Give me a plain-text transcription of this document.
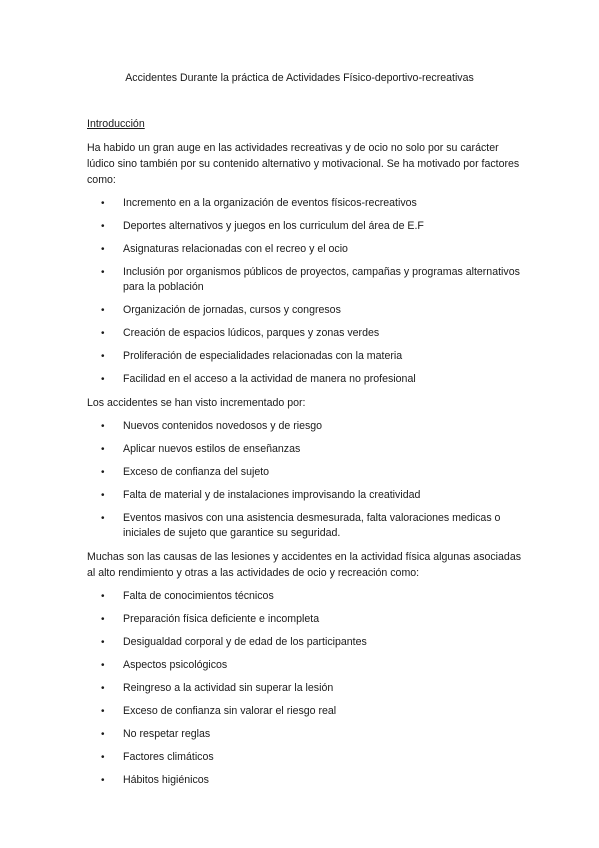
Accidentes Durante la práctica de Actividades Físico-deportivo-recreativas
Introducción
Ha habido un gran auge en las actividades recreativas y de ocio no solo por su carácter lúdico sino también por su contenido alternativo y motivacional. Se ha motivado por factores como:
• Incremento en a la organización de eventos físicos-recreativos
• Deportes alternativos y juegos en los curriculum del área de E.F
• Asignaturas relacionadas con el recreo y el ocio
• Inclusión por organismos públicos de proyectos, campañas y programas alternativos para la población
• Organización de jornadas, cursos y congresos
• Creación de espacios lúdicos, parques y zonas verdes
• Proliferación de especialidades relacionadas con la materia
• Facilidad en el acceso a la actividad de manera no profesional
Los accidentes se han visto incrementado por:
• Nuevos contenidos novedosos y de riesgo
• Aplicar nuevos estilos de enseñanzas
• Exceso de confianza del sujeto
• Falta de material y de instalaciones improvisando la creatividad
• Eventos masivos con una asistencia desmesurada, falta valoraciones medicas o iniciales de sujeto que garantice su seguridad.
Muchas son las causas de las lesiones y accidentes en la actividad física algunas asociadas al alto rendimiento y otras a las actividades de ocio y recreación como:
• Falta de conocimientos técnicos
• Preparación física deficiente e incompleta
• Desigualdad corporal y de edad de los participantes
• Aspectos psicológicos
• Reingreso a la actividad sin superar la lesión
• Exceso de confianza sin valorar el riesgo real
• No respetar reglas
• Factores climáticos
• Hábitos higiénicos
